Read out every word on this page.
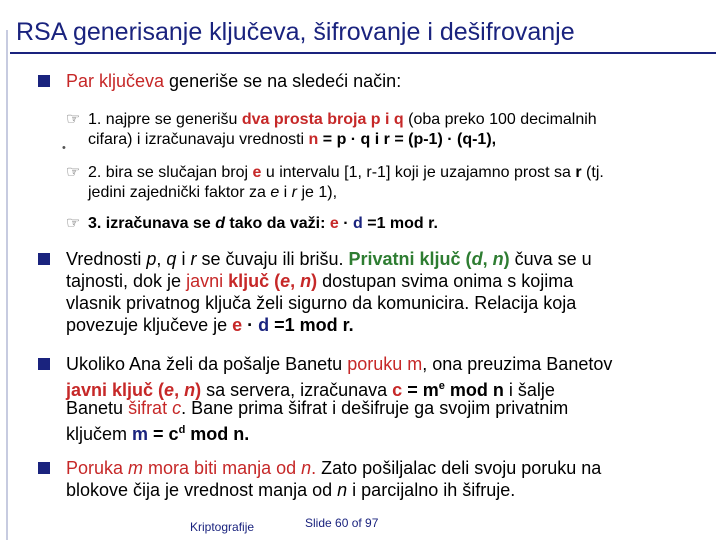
RSA generisanje ključeva, šifrovanje i dešifrovanje
Par ključeva generiše se na sledeći način:
☞ 1. najpre se generišu dva prosta broja p i q (oba preko 100 decimalnih
• cifara) i izračunavaju vrednosti n = p · q i r = (p-1) · (q-1),
☞ 2. bira se slučajan broj e u intervalu [1, r-1] koji je uzajamno prost sa r (tj.
jedini zajednički faktor za e i r je 1),
☞ 3. izračunava se d tako da važi: e · d =1 mod r.
Vrednosti p, q i r se čuvaju ili brišu. Privatni ključ (d, n) čuva se u
tajnosti, dok je javni ključ (e, n) dostupan svima onima s kojima
vlasnik privatnog ključa želi sigurno da komunicira. Relacija koja
povezuje ključeve je e · d =1 mod r.
Ukoliko Ana želi da pošalje Banetu poruku m, ona preuzima Banetov
javni ključ (e, n) sa servera, izračunava $c = m^e$ mod n i šalje
Banetu šifrat c. Bane prima šifrat i dešifruje ga svojim privatnim
ključem $m = c^d$ mod n.
Poruka m mora biti manja od n. Zato pošiljalac deli svoju poruku na
blokove čija je vrednost manja od n i parcijalno ih šifruje.
Kriptografije	Slide 60 of 97
